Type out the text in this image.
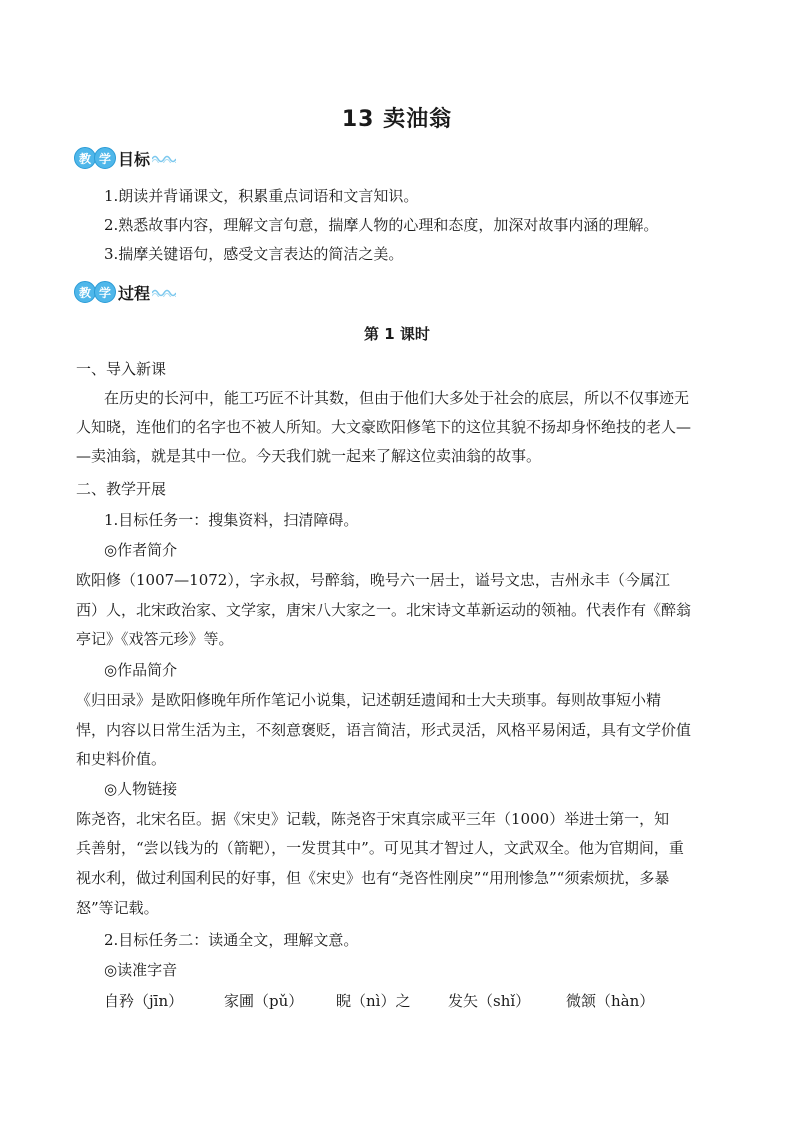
13 卖油翁
教 学 目标
1.朗读并背诵课文，积累重点词语和文言知识。
2.熟悉故事内容，理解文言句意，揣摩人物的心理和态度，加深对故事内涵的理解。
3.揣摩关键语句，感受文言表达的简洁之美。
教 学 过程
第 1 课时
一、导入新课
在历史的长河中，能工巧匠不计其数，但由于他们大多处于社会的底层，所以不仅事迹无
人知晓，连他们的名字也不被人所知。大文豪欧阳修笔下的这位其貌不扬却身怀绝技的老人—
—卖油翁，就是其中一位。今天我们就一起来了解这位卖油翁的故事。
二、教学开展
1.目标任务一：搜集资料，扫清障碍。
◎作者简介
欧阳修（1007—1072），字永叔，号醉翁，晚号六一居士，谥号文忠，吉州永丰（今属江
西）人，北宋政治家、文学家，唐宋八大家之一。北宋诗文革新运动的领袖。代表作有《醉翁
亭记》《戏答元珍》等。
◎作品简介
《归田录》是欧阳修晚年所作笔记小说集，记述朝廷遗闻和士大夫琐事。每则故事短小精
悍，内容以日常生活为主，不刻意褒贬，语言简洁，形式灵活，风格平易闲适，具有文学价值
和史料价值。
◎人物链接
陈尧咨，北宋名臣。据《宋史》记载，陈尧咨于宋真宗咸平三年（1000）举进士第一，知
兵善射，“尝以钱为的（箭靶），一发贯其中”。可见其才智过人，文武双全。他为官期间，重
视水利，做过利国利民的好事，但《宋史》也有“尧咨性刚戾”“用刑惨急”“须索烦扰，多暴
怒”等记载。
2.目标任务二：读通全文，理解文意。
◎读准字音
自矜（jīn）	家圃（pǔ）	睨（nì）之	发矢（shǐ）	微颔（hàn）
